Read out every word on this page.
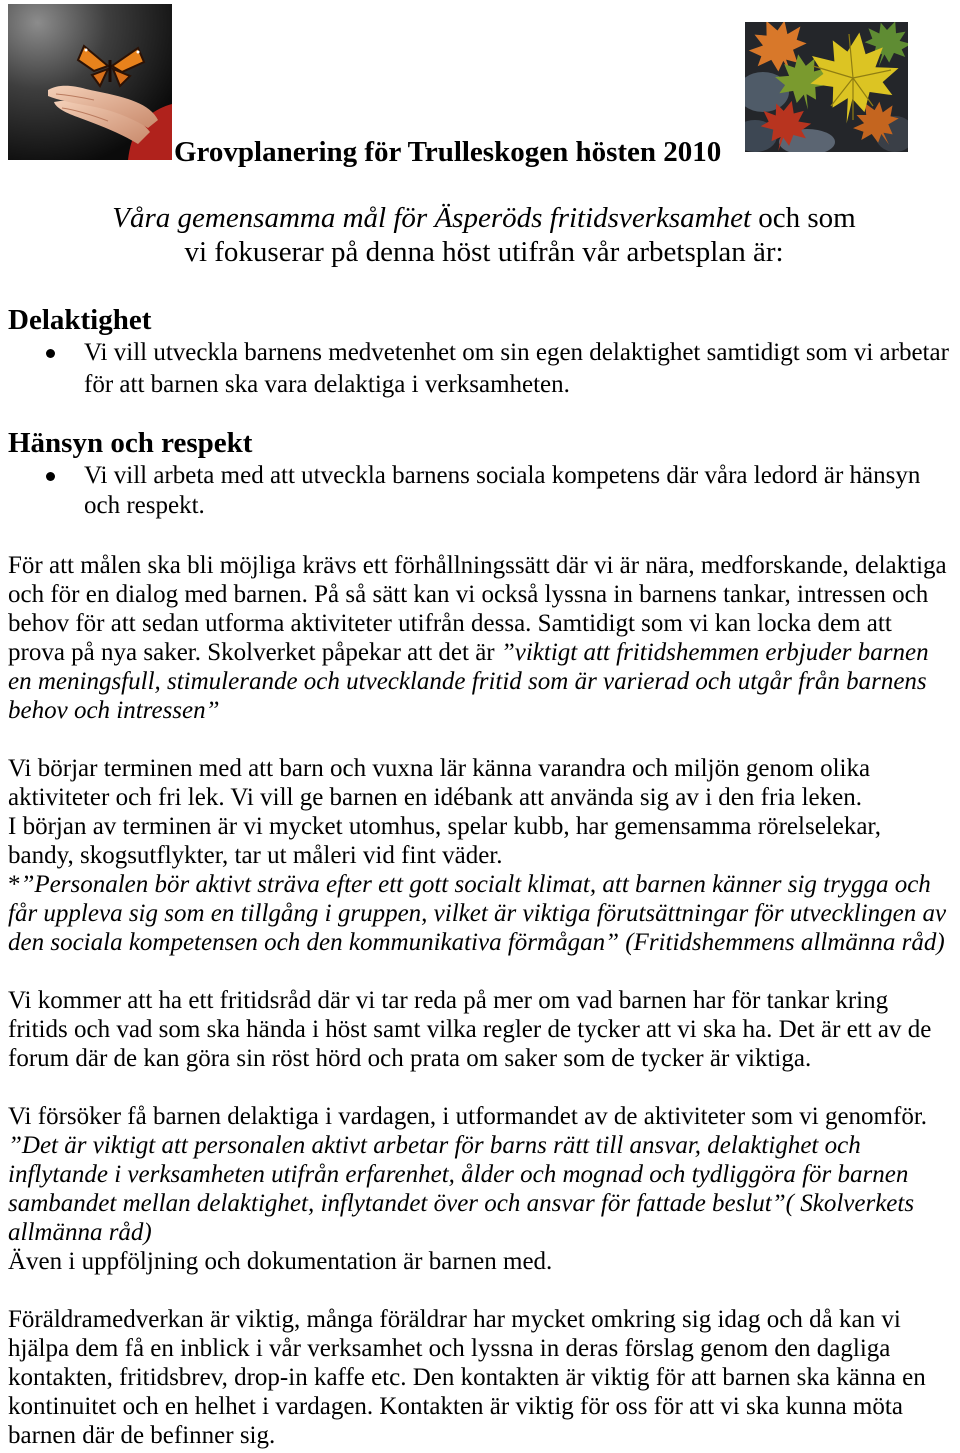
Grovplanering för Trulleskogen hösten 2010
Våra gemensamma mål för Äsperöds fritidsverksamhet och som
vi fokuserar på denna höst utifrån vår arbetsplan är:
Delaktighet
Vi vill utveckla barnens medvetenhet om sin egen delaktighet samtidigt som vi arbetar
för att barnen ska vara delaktiga i verksamheten.
Hänsyn och respekt
Vi vill arbeta med att utveckla barnens sociala kompetens där våra ledord är hänsyn
och respekt.
För att målen ska bli möjliga krävs ett förhållningssätt där vi är nära, medforskande, delaktiga
och för en dialog med barnen. På så sätt kan vi också lyssna in barnens tankar, intressen och
behov för att sedan utforma aktiviteter utifrån dessa. Samtidigt som vi kan locka dem att
prova på nya saker. Skolverket påpekar att det är ”viktigt att fritidshemmen erbjuder barnen
en meningsfull, stimulerande och utvecklande fritid som är varierad och utgår från barnens
behov och intressen”
Vi börjar terminen med att barn och vuxna lär känna varandra och miljön genom olika
aktiviteter och fri lek. Vi vill ge barnen en idébank att använda sig av i den fria leken.
I början av terminen är vi mycket utomhus, spelar kubb, har gemensamma rörelselekar,
bandy, skogsutflykter, tar ut måleri vid fint väder.
*”Personalen bör aktivt sträva efter ett gott socialt klimat, att barnen känner sig trygga och
får uppleva sig som en tillgång i gruppen, vilket är viktiga förutsättningar för utvecklingen av
den sociala kompetensen och den kommunikativa förmågan” (Fritidshemmens allmänna råd)
Vi kommer att ha ett fritidsråd där vi tar reda på mer om vad barnen har för tankar kring
fritids och vad som ska hända i höst samt vilka regler de tycker att vi ska ha. Det är ett av de
forum där de kan göra sin röst hörd och prata om saker som de tycker är viktiga.
Vi försöker få barnen delaktiga i vardagen, i utformandet av de aktiviteter som vi genomför.
”Det är viktigt att personalen aktivt arbetar för barns rätt till ansvar, delaktighet och
inflytande i verksamheten utifrån erfarenhet, ålder och mognad och tydliggöra för barnen
sambandet mellan delaktighet, inflytandet över och ansvar för fattade beslut”( Skolverkets
allmänna råd)
Även i uppföljning och dokumentation är barnen med.
Föräldramedverkan är viktig, många föräldrar har mycket omkring sig idag och då kan vi
hjälpa dem få en inblick i vår verksamhet och lyssna in deras förslag genom den dagliga
kontakten, fritidsbrev, drop-in kaffe etc. Den kontakten är viktig för att barnen ska känna en
kontinuitet och en helhet i vardagen. Kontakten är viktig för oss för att vi ska kunna möta
barnen där de befinner sig.
